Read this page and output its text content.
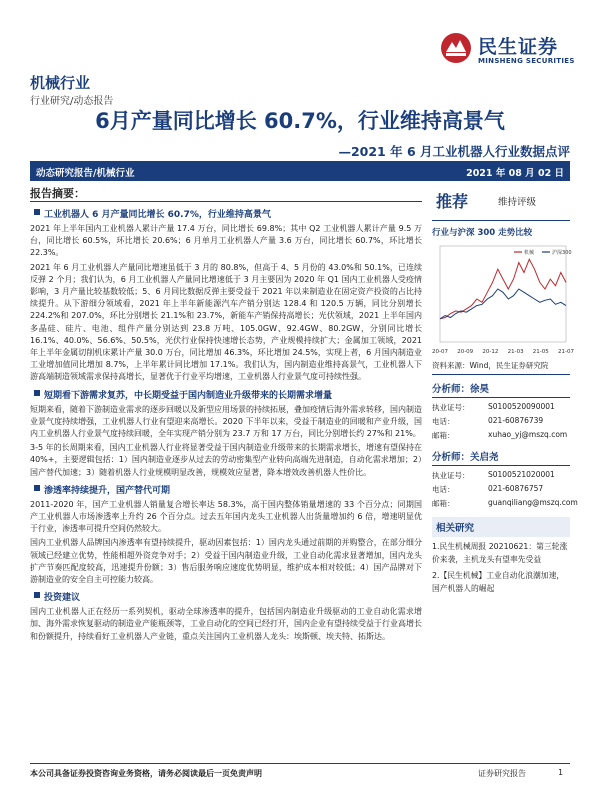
民生证券
MINSHENG SECURITIES
机械行业
行业研究/动态报告
6月产量同比增长 60.7%，行业维持高景气
—2021 年 6 月工业机器人行业数据点评
动态研究报告/机械行业	2021 年 08 月 02 日
报告摘要：
工业机器人 6 月产量同比增长 60.7%，行业维持高景气

2021 年上半年国内工业机器人累计产量 17.4 万台，同比增长 69.8%；其中 Q2 工业机器人累计产量 9.5 万台，同比增长 60.5%，环比增长 20.6%；6 月单月工业机器人产量 3.6 万台，同比增长 60.7%，环比增长 22.3%。

2021 年 6 月工业机器人产量同比增速虽低于 3 月的 80.8%，但高于 4、5 月份的 43.0%和 50.1%，已连续反弹 2 个月；我们认为，6 月工业机器人产量同比增速低于 3 月主要因为 2020 年 Q1 国内工业机器人受疫情影响，3 月产量比较基数较低；5、6 月同比数据反弹主要受益于 2021 年以来制造业在固定资产投资的占比持续提升。从下游细分领域看，2021 年上半年新能源汽车产销分别达 128.4 和 120.5 万辆，同比分别增长 224.2%和 207.0%，环比分别增长 21.1%和 23.7%，新能车产销保持高增长；光伏领域，2021 上半年国内多晶硅、硅片、电池、组件产量分别达到 23.8 万吨、105.0GW、92.4GW、80.2GW，分别同比增长 16.1%、40.0%、56.6%、50.5%，光伏行业保持快速增长态势，产业规模持续扩大；金属加工领域，2021 年上半年金属切削机床累计产量 30.0 万台，同比增加 46.3%，环比增加 24.5%，实现上者，6 月国内制造业工业增加值同比增加 8.7%，上半年累计同比增加 17.1%。我们认为，国内制造业维持高景气，工业机器人下游高端制造领域需求保持高增长，显著优于行业平均增速，工业机器人行业景气度可持续性强。

短期看下游需求复苏，中长期受益于国内制造业升级带来的长期需求增量

短期来看，随着下游制造业需求的逐步回暖以及新型应用场景的持续拓展，叠加疫情后海外需求转移，国内制造业景气度持续增强，工业机器人行业有望迎来高增长。2020 下半年以来，受益于制造业的回暖和产业升级，国内工业机器人行业景气度持续回暖，全年实现产销分别为 23.7 万和 17 万台，同比分别增长约 27%和 21%。

3-5 年的长周期来看，国内工业机器人行业将显著受益于国内制造业升级带来的长期需求增长，增速有望保持在 40%+，主要逻辑包括：1）国内制造业逐步从过去的劳动密集型产业转向高端先进制造，自动化需求增加；2）国产替代加速；3）随着机器人行业规模明显改善，规模效应显著，降本增效改善机器人性价比。

渗透率持续提升，国产替代可期

2011-2020 年，国产工业机器人销量复合增长率达 58.3%，高于国内整体销量增速的 33 个百分点；同期国产工业机器人市场渗透率上升约 26 个百分点。过去五年国内龙头工业机器人出货量增加约 6 倍，增速明显优于行业，渗透率可提升空间仍然较大。

国内工业机器人品牌国内渗透率有望持续提升，驱动因素包括：1）国内龙头通过前期的并购整合，在部分细分领域已经建立优势，性能相超外资竞争对手；2）受益于国内制造业升级，工业自动化需求显著增加，国内龙头扩产节奏匹配度较高，迅速提升份额；3）售后服务响应速度优势明显，维护成本相对较低；4）国产品牌对下游制造业的安全自主可控能力较高。

投资建议

国内工业机器人正在经历一系列契机，驱动全球渗透率的提升，包括国内制造业升级驱动的工业自动化需求增加、海外需求恢复驱动的制造业产能瓶颈等，工业自动化的空间已经打开，国内企业有望持续受益于行业高增长和份额提升，持续看好工业机器人产业链，重点关注国内工业机器人龙头：埃斯顿、埃夫特、拓斯达。

推荐	维持评级
行业与沪深 300 走势比较
20-07 20-09 20-12 21-03 21-05 21-07
机械	沪深300
资料来源：Wind，民生证券研究院
分析师：徐昊
执业证号： S0100520090001
电话：	021-60876739
邮箱：	xuhao_yj@mszq.com
分析师：关启尧
执业证号： S0100521020001
电话：	021-60876757
邮箱：	guanqiliang@mszq.com
相关研究
1.民生机械周报 20210621：第三轮涨价来袭，主机龙头有望率先受益
2.【民生机械】工业自动化浪潮加速，国产机器人的崛起
本公司具备证券投资咨询业务资格，请务必阅读最后一页免责声明	证券研究报告	1
